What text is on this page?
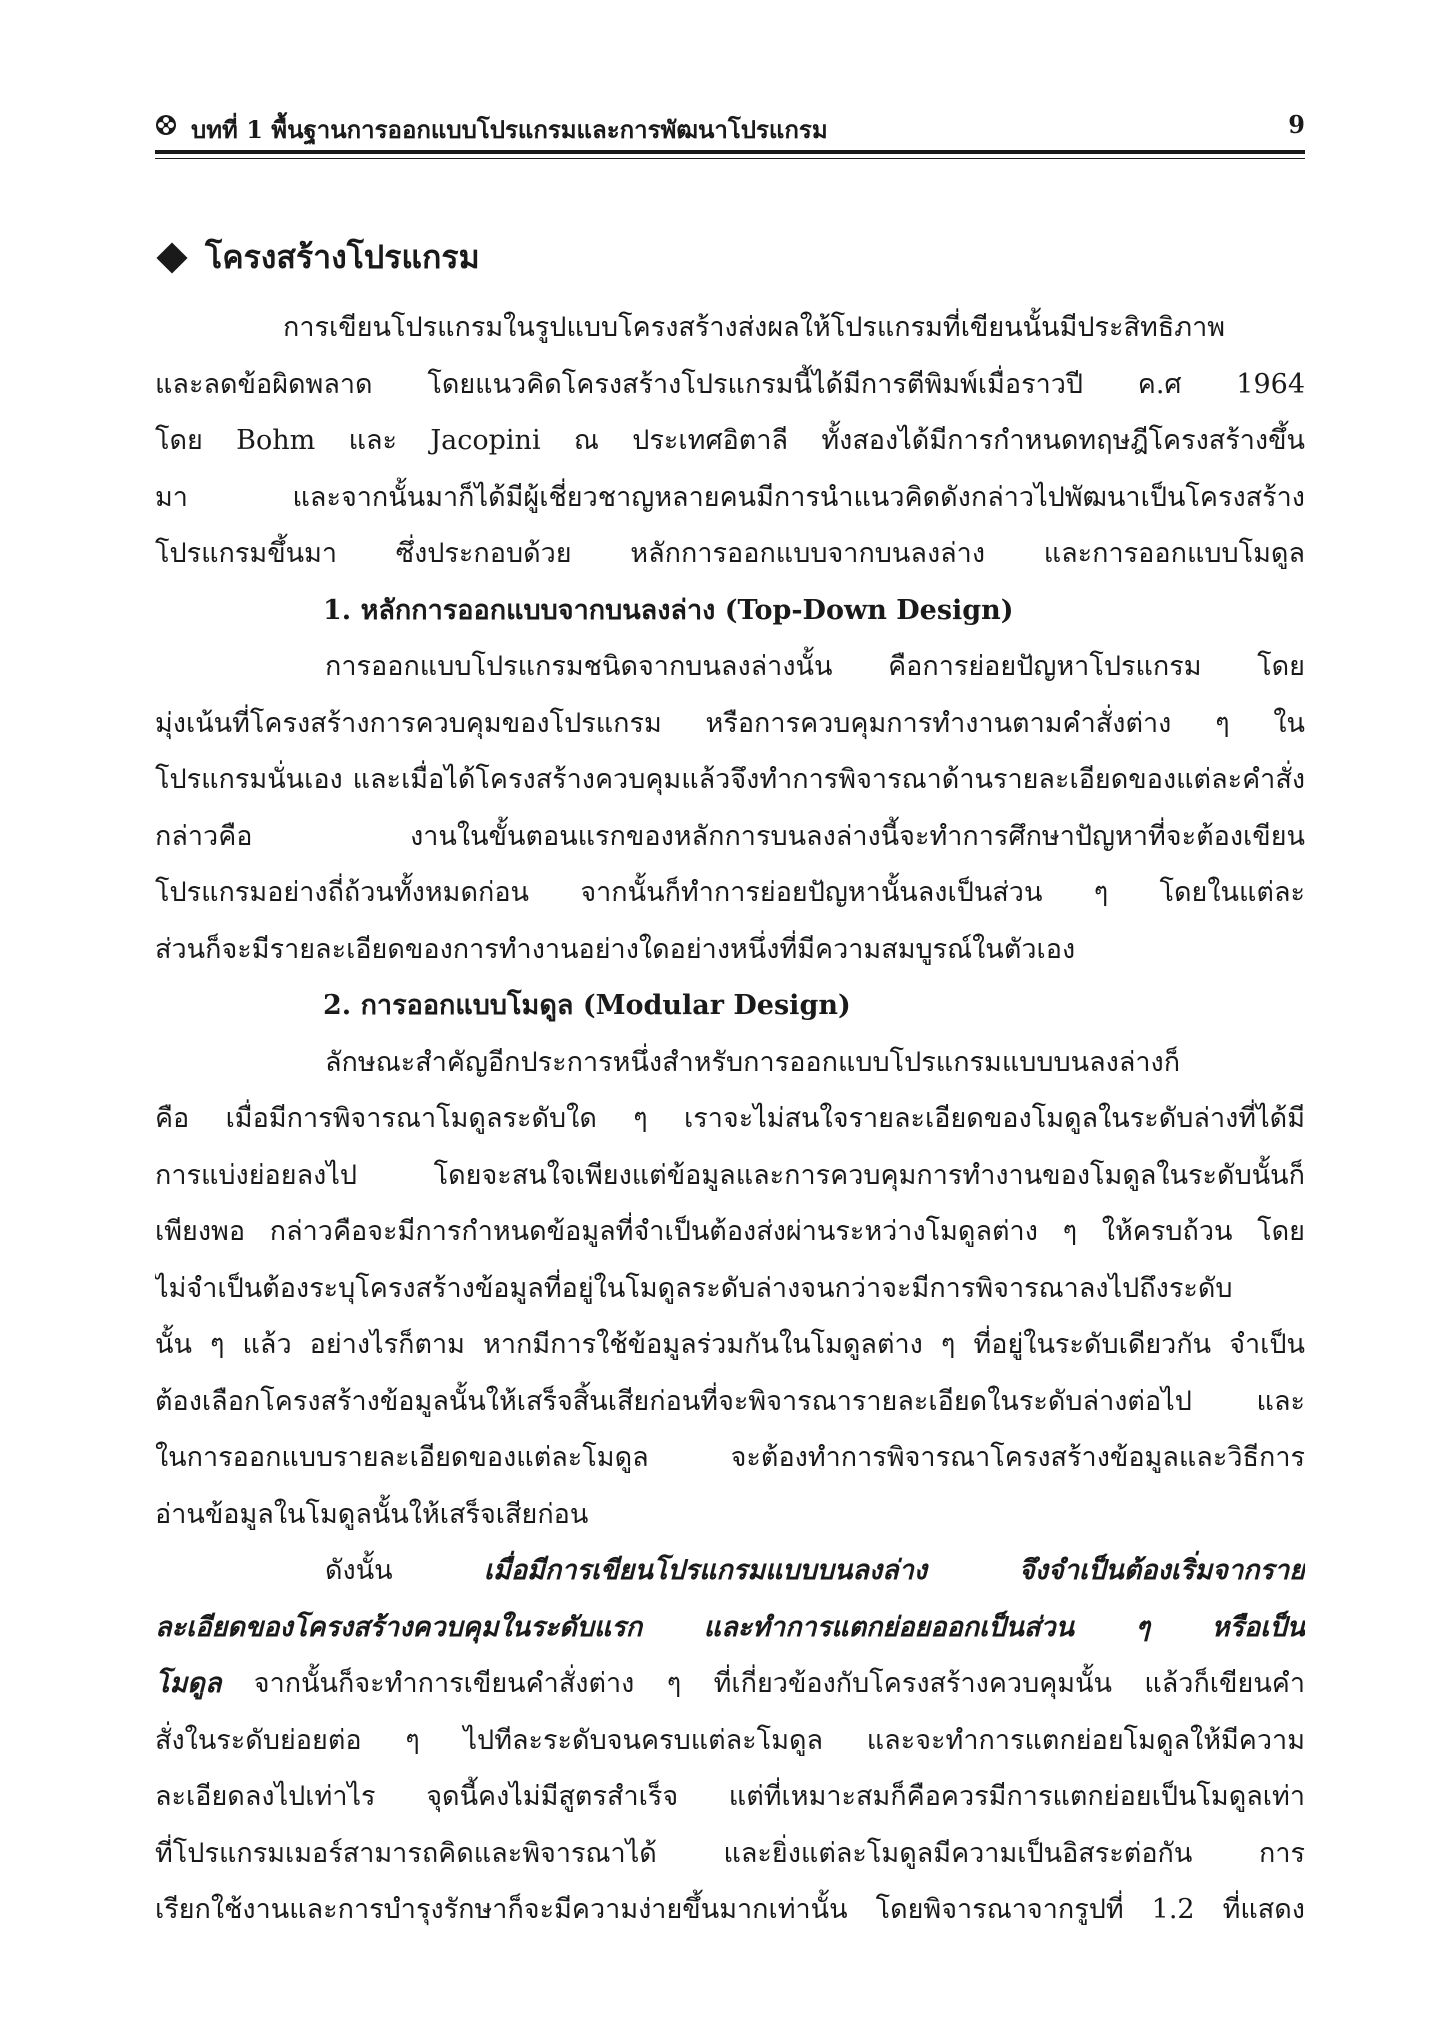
บทที่ 1 พื้นฐานการออกแบบโปรแกรมและการพัฒนาโปรแกรม	9
โครงสร้างโปรแกรม
การเขียนโปรแกรมในรูปแบบโครงสร้างส่งผลให้โปรแกรมที่เขียนนั้นมีประสิทธิภาพ
และลดข้อผิดพลาด โดยแนวคิดโครงสร้างโปรแกรมนี้ได้มีการตีพิมพ์เมื่อราวปี ค.ศ 1964
โดย Bohm และ Jacopini ณ ประเทศอิตาลี ทั้งสองได้มีการกำหนดทฤษฎีโครงสร้างขึ้น
มา และจากนั้นมาก็ได้มีผู้เชี่ยวชาญหลายคนมีการนำแนวคิดดังกล่าวไปพัฒนาเป็นโครงสร้าง
โปรแกรมขึ้นมา ซึ่งประกอบด้วย หลักการออกแบบจากบนลงล่าง และการออกแบบโมดูล
1. หลักการออกแบบจากบนลงล่าง (Top-Down Design)
การออกแบบโปรแกรมชนิดจากบนลงล่างนั้น คือการย่อยปัญหาโปรแกรม โดย
มุ่งเน้นที่โครงสร้างการควบคุมของโปรแกรม หรือการควบคุมการทำงานตามคำสั่งต่าง ๆ ใน
โปรแกรมนั่นเอง และเมื่อได้โครงสร้างควบคุมแล้วจึงทำการพิจารณาด้านรายละเอียดของแต่ละคำสั่ง
กล่าวคือ งานในขั้นตอนแรกของหลักการบนลงล่างนี้จะทำการศึกษาปัญหาที่จะต้องเขียน
โปรแกรมอย่างถี่ถ้วนทั้งหมดก่อน จากนั้นก็ทำการย่อยปัญหานั้นลงเป็นส่วน ๆ โดยในแต่ละ
ส่วนก็จะมีรายละเอียดของการทำงานอย่างใดอย่างหนึ่งที่มีความสมบูรณ์ในตัวเอง
2. การออกแบบโมดูล (Modular Design)
ลักษณะสำคัญอีกประการหนึ่งสำหรับการออกแบบโปรแกรมแบบบนลงล่างก็
คือ เมื่อมีการพิจารณาโมดูลระดับใด ๆ เราจะไม่สนใจรายละเอียดของโมดูลในระดับล่างที่ได้มี
การแบ่งย่อยลงไป โดยจะสนใจเพียงแต่ข้อมูลและการควบคุมการทำงานของโมดูลในระดับนั้นก็
เพียงพอ กล่าวคือจะมีการกำหนดข้อมูลที่จำเป็นต้องส่งผ่านระหว่างโมดูลต่าง ๆ ให้ครบถ้วน โดย
ไม่จำเป็นต้องระบุโครงสร้างข้อมูลที่อยู่ในโมดูลระดับล่างจนกว่าจะมีการพิจารณาลงไปถึงระดับ
นั้น ๆ แล้ว อย่างไรก็ตาม หากมีการใช้ข้อมูลร่วมกันในโมดูลต่าง ๆ ที่อยู่ในระดับเดียวกัน จำเป็น
ต้องเลือกโครงสร้างข้อมูลนั้นให้เสร็จสิ้นเสียก่อนที่จะพิจารณารายละเอียดในระดับล่างต่อไป และ
ในการออกแบบรายละเอียดของแต่ละโมดูล จะต้องทำการพิจารณาโครงสร้างข้อมูลและวิธีการ
อ่านข้อมูลในโมดูลนั้นให้เสร็จเสียก่อน
ดังนั้น เมื่อมีการเขียนโปรแกรมแบบบนลงล่าง จึงจำเป็นต้องเริ่มจากราย
ละเอียดของโครงสร้างควบคุมในระดับแรก และทำการแตกย่อยออกเป็นส่วน ๆ หรือเป็น
โมดูล จากนั้นก็จะทำการเขียนคำสั่งต่าง ๆ ที่เกี่ยวข้องกับโครงสร้างควบคุมนั้น แล้วก็เขียนคำ
สั่งในระดับย่อยต่อ ๆ ไปทีละระดับจนครบแต่ละโมดูล และจะทำการแตกย่อยโมดูลให้มีความ
ละเอียดลงไปเท่าไร จุดนี้คงไม่มีสูตรสำเร็จ แต่ที่เหมาะสมก็คือควรมีการแตกย่อยเป็นโมดูลเท่า
ที่โปรแกรมเมอร์สามารถคิดและพิจารณาได้ และยิ่งแต่ละโมดูลมีความเป็นอิสระต่อกัน การ
เรียกใช้งานและการบำรุงรักษาก็จะมีความง่ายขึ้นมากเท่านั้น โดยพิจารณาจากรูปที่ 1.2 ที่แสดง
